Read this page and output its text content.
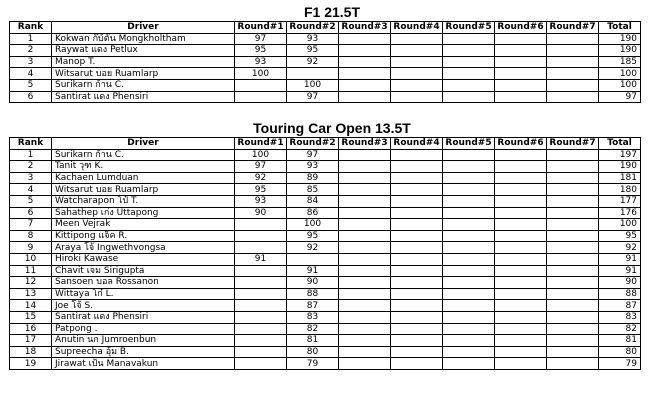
F1 21.5T
Rank	Driver	Round#1	Round#2	Round#3	Round#4	Round#5	Round#6	Round#7	Total
1	Kokwan ก๊บ้ตัน Mongkholtham	97	93						190
2	Raywat แดง Petlux	95	95						190
3	Manop T.	93	92						185
4	Witsarut บอย Ruamlarp	100							100
5	Surikarn ก้าน C.		100						100
6	Santirat แดง Phensiri		97						97
Touring Car Open 13.5T
Rank	Driver	Round#1	Round#2	Round#3	Round#4	Round#5	Round#6	Round#7	Total
1	Surikarn ก้าน C.	100	97						197
2	Tanit วุฑ K.	97	93						190
3	Kachaen Lumduan	92	89						181
4	Witsarut บอย Ruamlarp	95	85						180
5	Watcharapon โป๋ T.	93	84						177
6	Sahathep เก่ง Uttapong	90	86						176
7	Meen Vejrak		100						100
8	Kittipong แจ็ค R.		95						95
9	Araya โจ้ Ingwethvongsa		92						92
10	Hiroki Kawase	91							91
11	Chavit เจม Sirigupta		91						91
12	Sansoen บอล Rossanon		90						90
13	Wittaya โก๋ L.		88						88
14	Joe โจ้ S.		87						87
15	Santirat แดง Phensiri		83						83
16	Patpong .		82						82
17	Anutin นก Jumroenbun		81						81
18	Supreecha อุ้ม B.		80						80
19	Jirawat เป้น Manavakun		79						79
